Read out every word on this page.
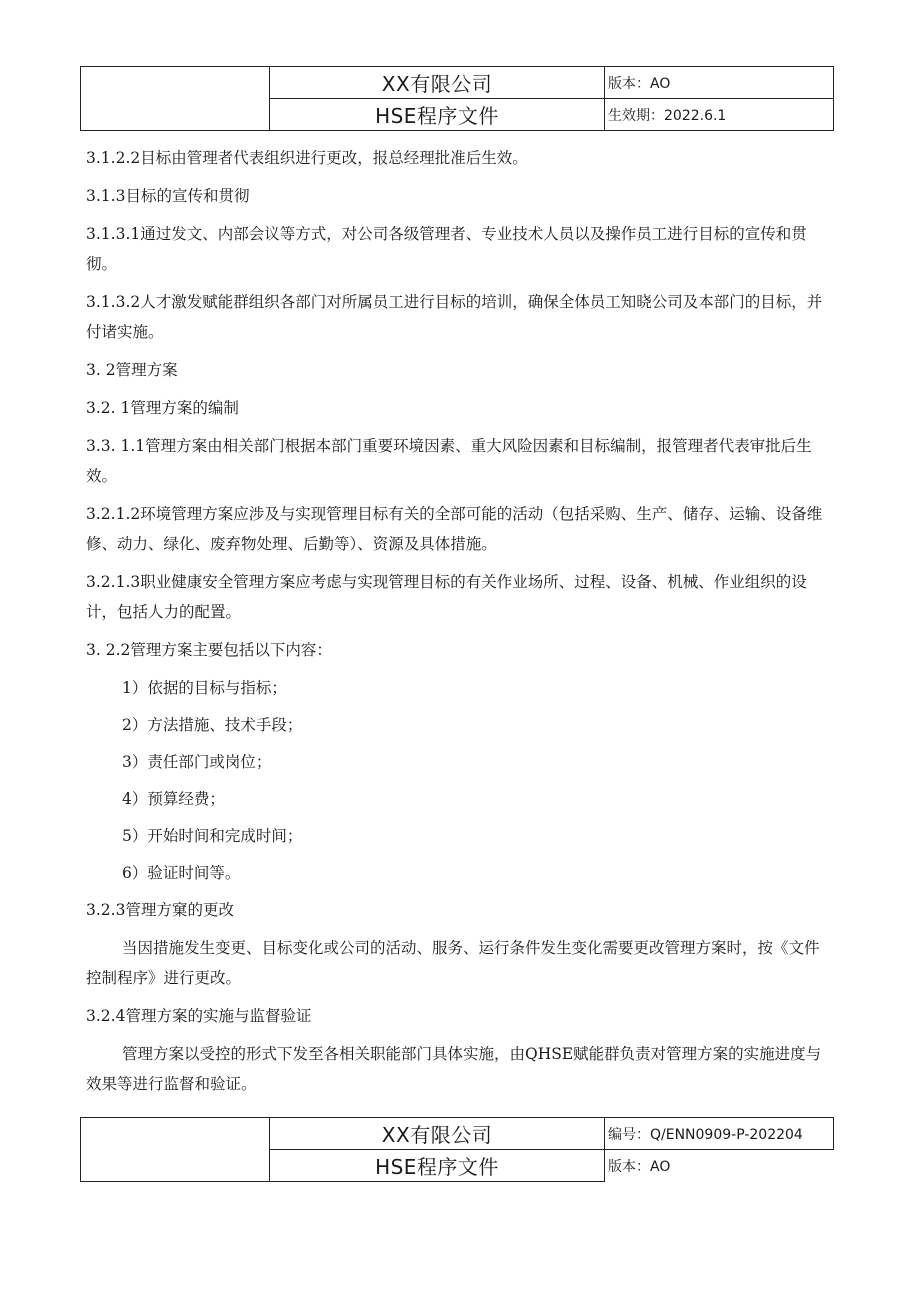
	XX有限公司	版本：AO
	HSE程序文件	生效期：2022.6.1

3.1.2.2目标由管理者代表组织进行更改，报总经理批准后生效。

3.1.3目标的宣传和贯彻

3.1.3.1通过发文、内部会议等方式，对公司各级管理者、专业技术人员以及操作员工进行目标的宣传和贯彻。

3.1.3.2人才激发赋能群组织各部门对所属员工进行目标的培训，确保全体员工知晓公司及本部门的目标，并付诸实施。

3. 2管理方案

3.2. 1管理方案的编制

3.3. 1.1管理方案由相关部门根据本部门重要环境因素、重大风险因素和目标编制，报管理者代表审批后生效。

3.2.1.2环境管理方案应涉及与实现管理目标有关的全部可能的活动（包括采购、生产、储存、运输、设备维修、动力、绿化、废弃物处理、后勤等）、资源及具体措施。

3.2.1.3职业健康安全管理方案应考虑与实现管理目标的有关作业场所、过程、设备、机械、作业组织的设计，包括人力的配置。

3. 2.2管理方案主要包括以下内容：

1）依据的目标与指标；

2）方法措施、技术手段；

3）责任部门或岗位；

4）预算经费；

5）开始时间和完成时间；

6）验证时间等。

3.2.3管理方窠的更改

当因措施发生变更、目标变化或公司的活动、服务、运行条件发生变化需要更改管理方案时，按《文件控制程序》进行更改。

3.2.4管理方案的实施与监督验证

管理方案以受控的形式下发至各相关职能部门具体实施，由QHSE赋能群负责对管理方案的实施进度与效果等进行监督和验证。

	XX有限公司	编号：Q/ENN0909-P-202204
	HSE程序文件	版本：AO
